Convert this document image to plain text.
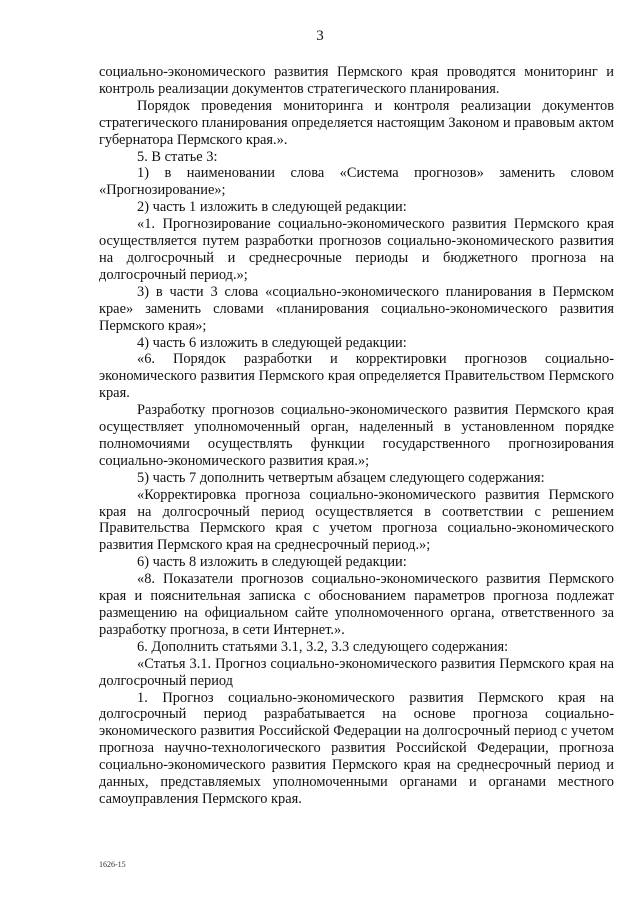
3

социально-экономического развития Пермского края проводятся мониторинг и контроль реализации документов стратегического планирования.

Порядок проведения мониторинга и контроля реализации документов стратегического планирования определяется настоящим Законом и правовым актом губернатора Пермского края.».

5. В статье 3:

1) в наименовании слова «Система прогнозов» заменить словом «Прогнозирование»;

2) часть 1 изложить в следующей редакции:

«1. Прогнозирование социально-экономического развития Пермского края осуществляется путем разработки прогнозов социально-экономического развития на долгосрочный и среднесрочные периоды и бюджетного прогноза на долгосрочный период.»;

3) в части 3 слова «социально-экономического планирования в Пермском крае» заменить словами «планирования социально-экономического развития Пермского края»;

4) часть 6 изложить в следующей редакции:

«6. Порядок разработки и корректировки прогнозов социально-экономического развития Пермского края определяется Правительством Пермского края.

Разработку прогнозов социально-экономического развития Пермского края осуществляет уполномоченный орган, наделенный в установленном порядке полномочиями осуществлять функции государственного прогнозирования социально-экономического развития края.»;

5) часть 7 дополнить четвертым абзацем следующего содержания:

«Корректировка прогноза социально-экономического развития Пермского края на долгосрочный период осуществляется в соответствии с решением Правительства Пермского края с учетом прогноза социально-экономического развития Пермского края на среднесрочный период.»;

6) часть 8 изложить в следующей редакции:

«8. Показатели прогнозов социально-экономического развития Пермского края и пояснительная записка с обоснованием параметров прогноза подлежат размещению на официальном сайте уполномоченного органа, ответственного за разработку прогноза, в сети Интернет.».

6. Дополнить статьями 3.1, 3.2, 3.3 следующего содержания:

«Статья 3.1. Прогноз социально-экономического развития Пермского края на долгосрочный период

1. Прогноз социально-экономического развития Пермского края на долгосрочный период разрабатывается на основе прогноза социально-экономического развития Российской Федерации на долгосрочный период с учетом прогноза научно-технологического развития Российской Федерации, прогноза социально-экономического развития Пермского края на среднесрочный период и данных, представляемых уполномоченными органами и органами местного самоуправления Пермского края.

1626-15
